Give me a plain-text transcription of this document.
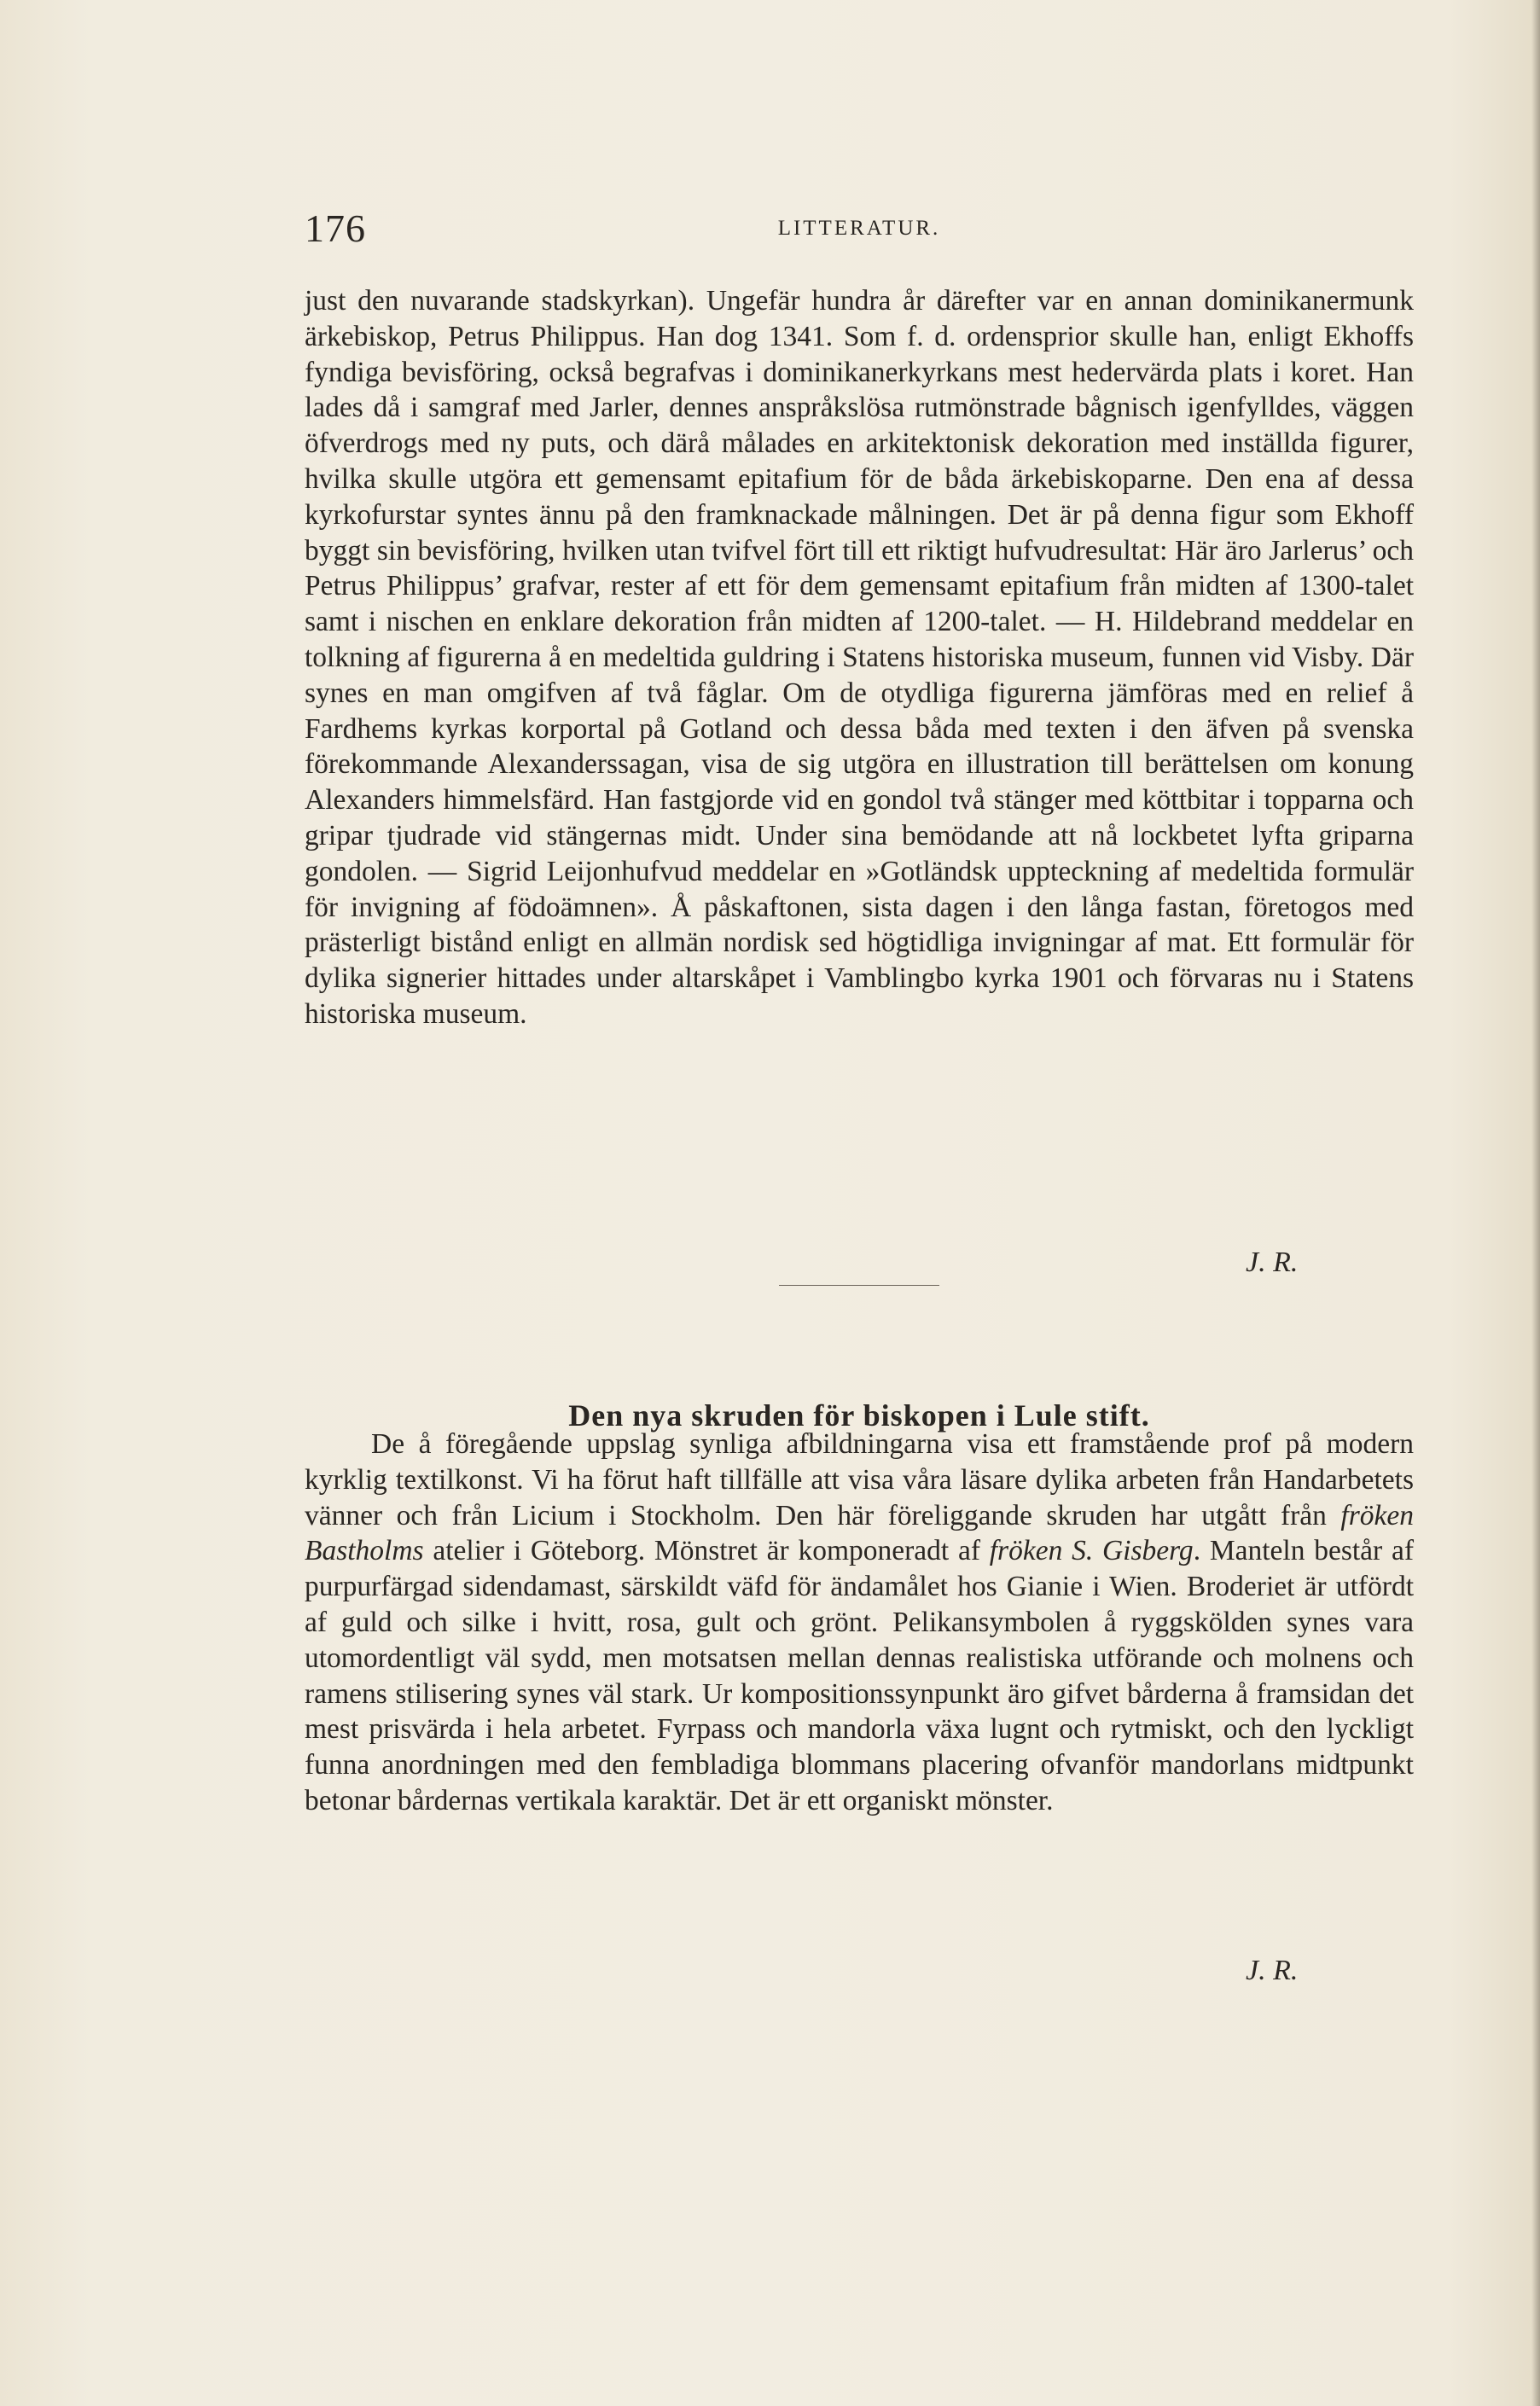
176	LITTERATUR.

just den nuvarande stadskyrkan). Ungefär hundra år därefter var en annan dominikanermunk ärkebiskop, Petrus Philippus. Han dog 1341. Som f. d. ordensprior skulle han, enligt Ekhoffs fyndiga bevisföring, också begrafvas i dominikanerkyrkans mest hedervärda plats i koret. Han lades då i samgraf med Jarler, dennes anspråkslösa rutmönstrade bågnisch igenfylldes, väggen öfverdrogs med ny puts, och därå målades en arkitektonisk dekoration med inställda figurer, hvilka skulle utgöra ett gemensamt epitafium för de båda ärkebiskoparne. Den ena af dessa kyrkofurstar syntes ännu på den framknackade målningen. Det är på denna figur som Ekhoff byggt sin bevisföring, hvilken utan tvifvel fört till ett riktigt hufvudresultat: Här äro Jarlerus’ och Petrus Philippus’ grafvar, rester af ett för dem gemensamt epitafium från midten af 1300-talet samt i nischen en enklare dekoration från midten af 1200-talet. — H. Hildebrand meddelar en tolkning af figurerna å en medeltida guldring i Statens historiska museum, funnen vid Visby. Där synes en man omgifven af två fåglar. Om de otydliga figurerna jämföras med en relief å Fardhems kyrkas korportal på Gotland och dessa båda med texten i den äfven på svenska förekommande Alexanderssagan, visa de sig utgöra en illustration till berättelsen om konung Alexanders himmelsfärd. Han fastgjorde vid en gondol två stänger med köttbitar i topparna och gripar tjudrade vid stängernas midt. Under sina bemödande att nå lockbetet lyfta griparna gondolen. — Sigrid Leijonhufvud meddelar en »Gotländsk uppteckning af medeltida formulär för invigning af födoämnen». Å påskaftonen, sista dagen i den långa fastan, företogos med prästerligt bistånd enligt en allmän nordisk sed högtidliga invigningar af mat. Ett formulär för dylika signerier hittades under altarskåpet i Vamblingbo kyrka 1901 och förvaras nu i Statens historiska museum.

J. R.
Den nya skruden för biskopen i Lule stift.

De å föregående uppslag synliga afbildningarna visa ett framstående prof på modern kyrklig textilkonst. Vi ha förut haft tillfälle att visa våra läsare dylika arbeten från Handarbetets vänner och från Licium i Stockholm. Den här föreliggande skruden har utgått från fröken Bastholms atelier i Göteborg. Mönstret är komponeradt af fröken S. Gisberg. Manteln består af purpurfärgad sidendamast, särskildt väfd för ändamålet hos Gianie i Wien. Broderiet är utfördt af guld och silke i hvitt, rosa, gult och grönt. Pelikansymbolen å ryggskölden synes vara utomordentligt väl sydd, men motsatsen mellan dennas realistiska utförande och molnens och ramens stilisering synes väl stark. Ur kompositionssynpunkt äro gifvet bårderna å framsidan det mest prisvärda i hela arbetet. Fyrpass och mandorla växa lugnt och rytmiskt, och den lyckligt funna anordningen med den fembladiga blommans placering ofvanför mandorlans midtpunkt betonar bårdernas vertikala karaktär. Det är ett organiskt mönster.

J. R.
